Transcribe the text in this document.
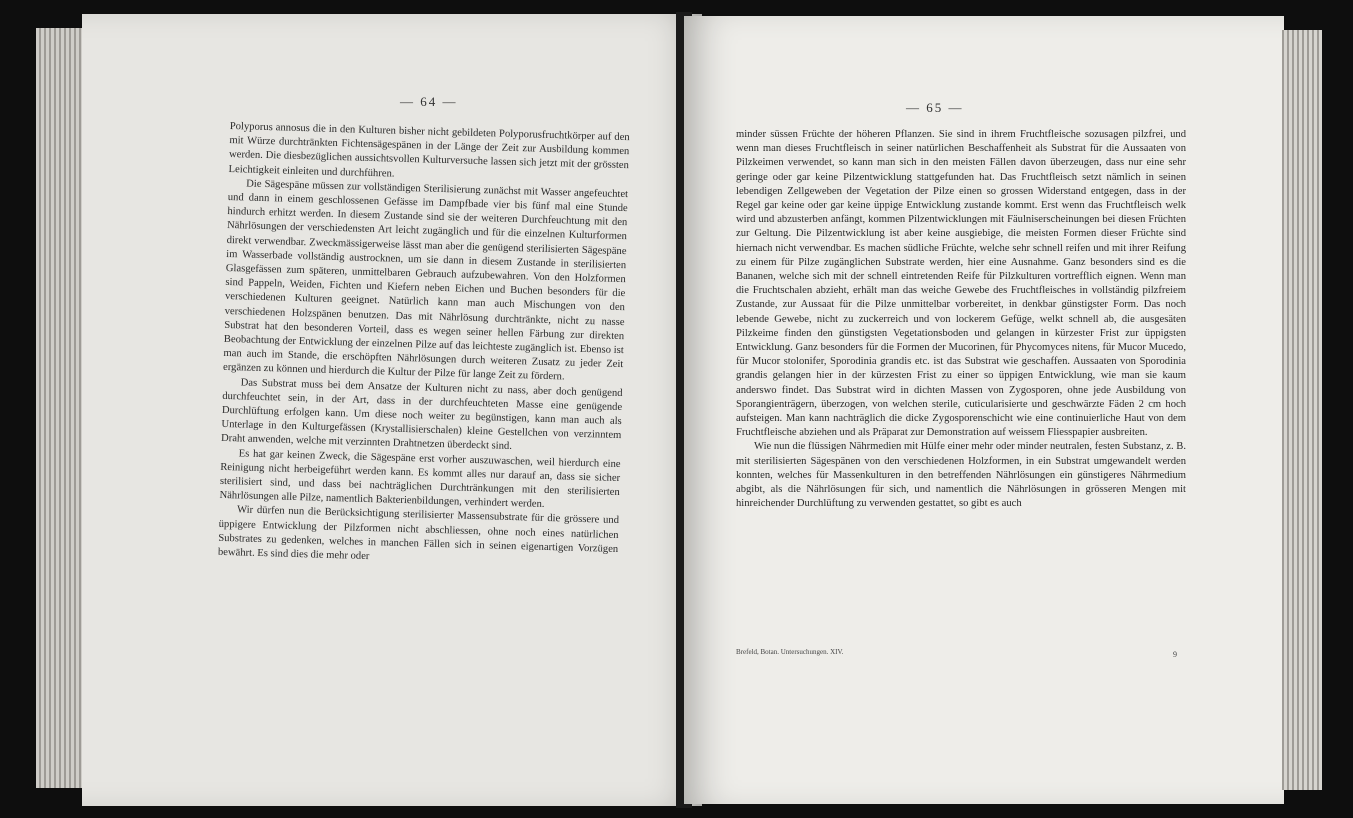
— 64 —	— 65 —

Polyporus annosus die in den Kulturen bisher nicht gebildeten Polyporusfruchtkörper auf den mit Würze durchtränkten Fichtensägespänen in der Länge der Zeit zur Ausbildung kommen werden. Die diesbezüglichen aussichtsvollen Kulturversuche lassen sich jetzt mit der grössten Leichtigkeit einleiten und durchführen.

Die Sägespäne müssen zur vollständigen Sterilisierung zunächst mit Wasser angefeuchtet und dann in einem geschlossenen Gefässe im Dampfbade vier bis fünf mal eine Stunde hindurch erhitzt werden. In diesem Zustande sind sie der weiteren Durchfeuchtung mit den Nährlösungen der verschiedensten Art leicht zugänglich und für die einzelnen Kulturformen direkt verwendbar. Zweckmässigerweise lässt man aber die genügend sterilisierten Sägespäne im Wasserbade vollständig austrocknen, um sie dann in diesem Zustande in sterilisierten Glasgefässen zum späteren, unmittelbaren Gebrauch aufzubewahren. Von den Holzformen sind Pappeln, Weiden, Fichten und Kiefern neben Eichen und Buchen besonders für die verschiedenen Kulturen geeignet. Natürlich kann man auch Mischungen von den verschiedenen Holzspänen benutzen. Das mit Nährlösung durchtränkte, nicht zu nasse Substrat hat den besonderen Vorteil, dass es wegen seiner hellen Färbung zur direkten Beobachtung der Entwicklung der einzelnen Pilze auf das leichteste zugänglich ist. Ebenso ist man auch im Stande, die erschöpften Nährlösungen durch weiteren Zusatz zu jeder Zeit ergänzen zu können und hierdurch die Kultur der Pilze für lange Zeit zu fördern.

Das Substrat muss bei dem Ansatze der Kulturen nicht zu nass, aber doch genügend durchfeuchtet sein, in der Art, dass in der durchfeuchteten Masse eine genügende Durchlüftung erfolgen kann. Um diese noch weiter zu begünstigen, kann man auch als Unterlage in den Kulturgefässen (Krystallisierschalen) kleine Gestellchen von verzinntem Draht anwenden, welche mit verzinnten Drahtnetzen überdeckt sind.

Es hat gar keinen Zweck, die Sägespäne erst vorher auszuwaschen, weil hierdurch eine Reinigung nicht herbeigeführt werden kann. Es kommt alles nur darauf an, dass sie sicher sterilisiert sind, und dass bei nachträglichen Durchtränkungen mit den sterilisierten Nährlösungen alle Pilze, namentlich Bakterienbildungen, verhindert werden.

Wir dürfen nun die Berücksichtigung sterilisierter Massensubstrate für die grössere und üppigere Entwicklung der Pilzformen nicht abschliessen, ohne noch eines natürlichen Substrates zu gedenken, welches in manchen Fällen sich in seinen eigenartigen Vorzügen bewährt. Es sind dies die mehr oder

minder süssen Früchte der höheren Pflanzen. Sie sind in ihrem Fruchtfleische sozusagen pilzfrei, und wenn man dieses Fruchtfleisch in seiner natürlichen Beschaffenheit als Substrat für die Aussaaten von Pilzkeimen verwendet, so kann man sich in den meisten Fällen davon überzeugen, dass nur eine sehr geringe oder gar keine Pilzentwicklung stattgefunden hat. Das Fruchtfleisch setzt nämlich in seinen lebendigen Zellgeweben der Vegetation der Pilze einen so grossen Widerstand entgegen, dass in der Regel gar keine oder gar keine üppige Entwicklung zustande kommt. Erst wenn das Fruchtfleisch welk wird und abzusterben anfängt, kommen Pilzentwicklungen mit Fäulniserscheinungen bei diesen Früchten zur Geltung. Die Pilzentwicklung ist aber keine ausgiebige, die meisten Formen dieser Früchte sind hiernach nicht verwendbar. Es machen südliche Früchte, welche sehr schnell reifen und mit ihrer Reifung zu einem für Pilze zugänglichen Substrate werden, hier eine Ausnahme. Ganz besonders sind es die Bananen, welche sich mit der schnell eintretenden Reife für Pilzkulturen vortrefflich eignen. Wenn man die Fruchtschalen abzieht, erhält man das weiche Gewebe des Fruchtfleisches in vollständig pilzfreiem Zustande, zur Aussaat für die Pilze unmittelbar vorbereitet, in denkbar günstigster Form. Das noch lebende Gewebe, nicht zu zuckerreich und von lockerem Gefüge, welkt schnell ab, die ausgesäten Pilzkeime finden den günstigsten Vegetationsboden und gelangen in kürzester Frist zur üppigsten Entwicklung. Ganz besonders für die Formen der Mucorinen, für Phycomyces nitens, für Mucor Mucedo, für Mucor stolonifer, Sporodinia grandis etc. ist das Substrat wie geschaffen. Aussaaten von Sporodinia grandis gelangen hier in der kürzesten Frist zu einer so üppigen Entwicklung, wie man sie kaum anderswo findet. Das Substrat wird in dichten Massen von Zygosporen, ohne jede Ausbildung von Sporangienträgern, überzogen, von welchen sterile, cuticularisierte und geschwärzte Fäden 2 cm hoch aufsteigen. Man kann nachträglich die dicke Zygosporenschicht wie eine continuierliche Haut von dem Fruchtfleische abziehen und als Präparat zur Demonstration auf weissem Fliesspapier ausbreiten.

Wie nun die flüssigen Nährmedien mit Hülfe einer mehr oder minder neutralen, festen Substanz, z. B. mit sterilisierten Sägespänen von den verschiedenen Holzformen, in ein Substrat umgewandelt werden konnten, welches für Massenkulturen in den betreffenden Nährlösungen ein günstigeres Nährmedium abgibt, als die Nährlösungen für sich, und namentlich die Nährlösungen in grösseren Mengen mit hinreichender Durchlüftung zu verwenden gestattet, so gibt es auch

Brefeld, Botan. Untersuchungen. XIV.	9
